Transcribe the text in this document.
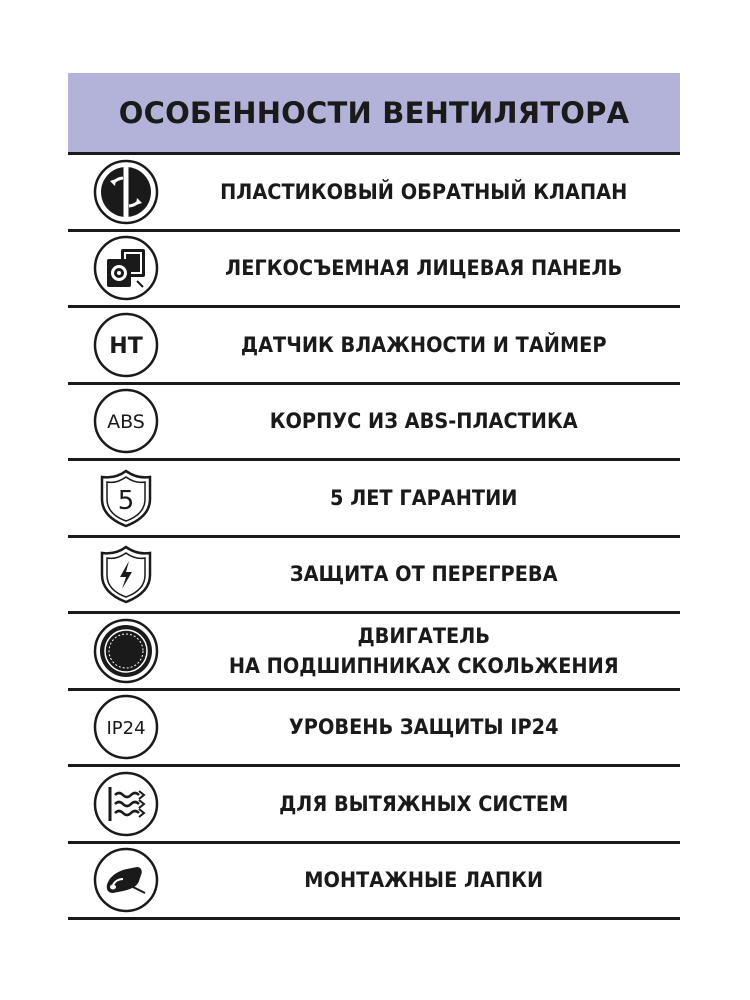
ОСОБЕННОСТИ ВЕНТИЛЯТОРА
ПЛАСТИКОВЫЙ ОБРАТНЫЙ КЛАПАН
ЛЕГКОСЪЕМНАЯ ЛИЦЕВАЯ ПАНЕЛЬ
HT	ДАТЧИК ВЛАЖНОСТИ И ТАЙМЕР
ABS	КОРПУС ИЗ ABS-ПЛАСТИКА
5	5 ЛЕТ ГАРАНТИИ
ЗАЩИТА ОТ ПЕРЕГРЕВА
ДВИГАТЕЛЬ
НА ПОДШИПНИКАХ СКОЛЬЖЕНИЯ
IP24	УРОВЕНЬ ЗАЩИТЫ IP24
ДЛЯ ВЫТЯЖНЫХ СИСТЕМ
МОНТАЖНЫЕ ЛАПКИ
